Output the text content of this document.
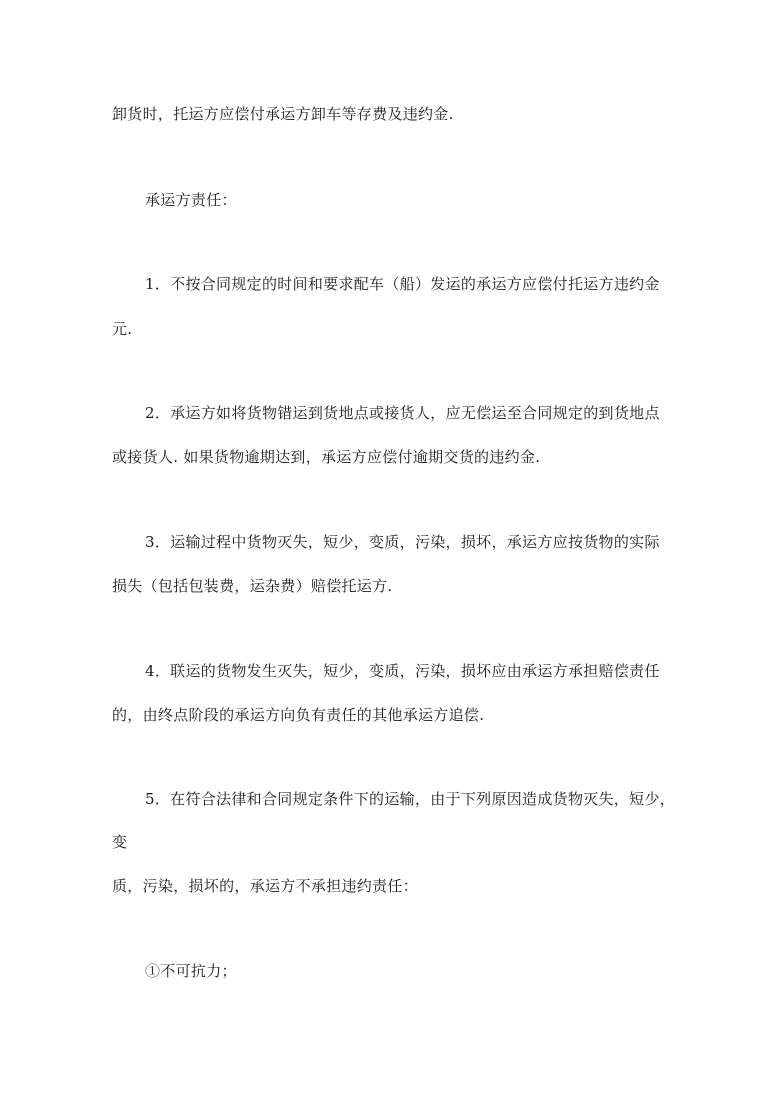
卸货时，托运方应偿付承运方卸车等存费及违约金.
承运方责任：
1．不按合同规定的时间和要求配车（船）发运的承运方应偿付托运方违约金
元.
2．承运方如将货物错运到货地点或接货人，应无偿运至合同规定的到货地点
或接货人. 如果货物逾期达到，承运方应偿付逾期交货的违约金.
3．运输过程中货物灭失，短少，变质，污染，损坏，承运方应按货物的实际
损失（包括包装费，运杂费）赔偿托运方.
4．联运的货物发生灭失，短少，变质，污染，损坏应由承运方承担赔偿责任
的，由终点阶段的承运方向负有责任的其他承运方追偿.
5．在符合法律和合同规定条件下的运输，由于下列原因造成货物灭失，短少，
变
质，污染，损坏的，承运方不承担违约责任：
①不可抗力；
